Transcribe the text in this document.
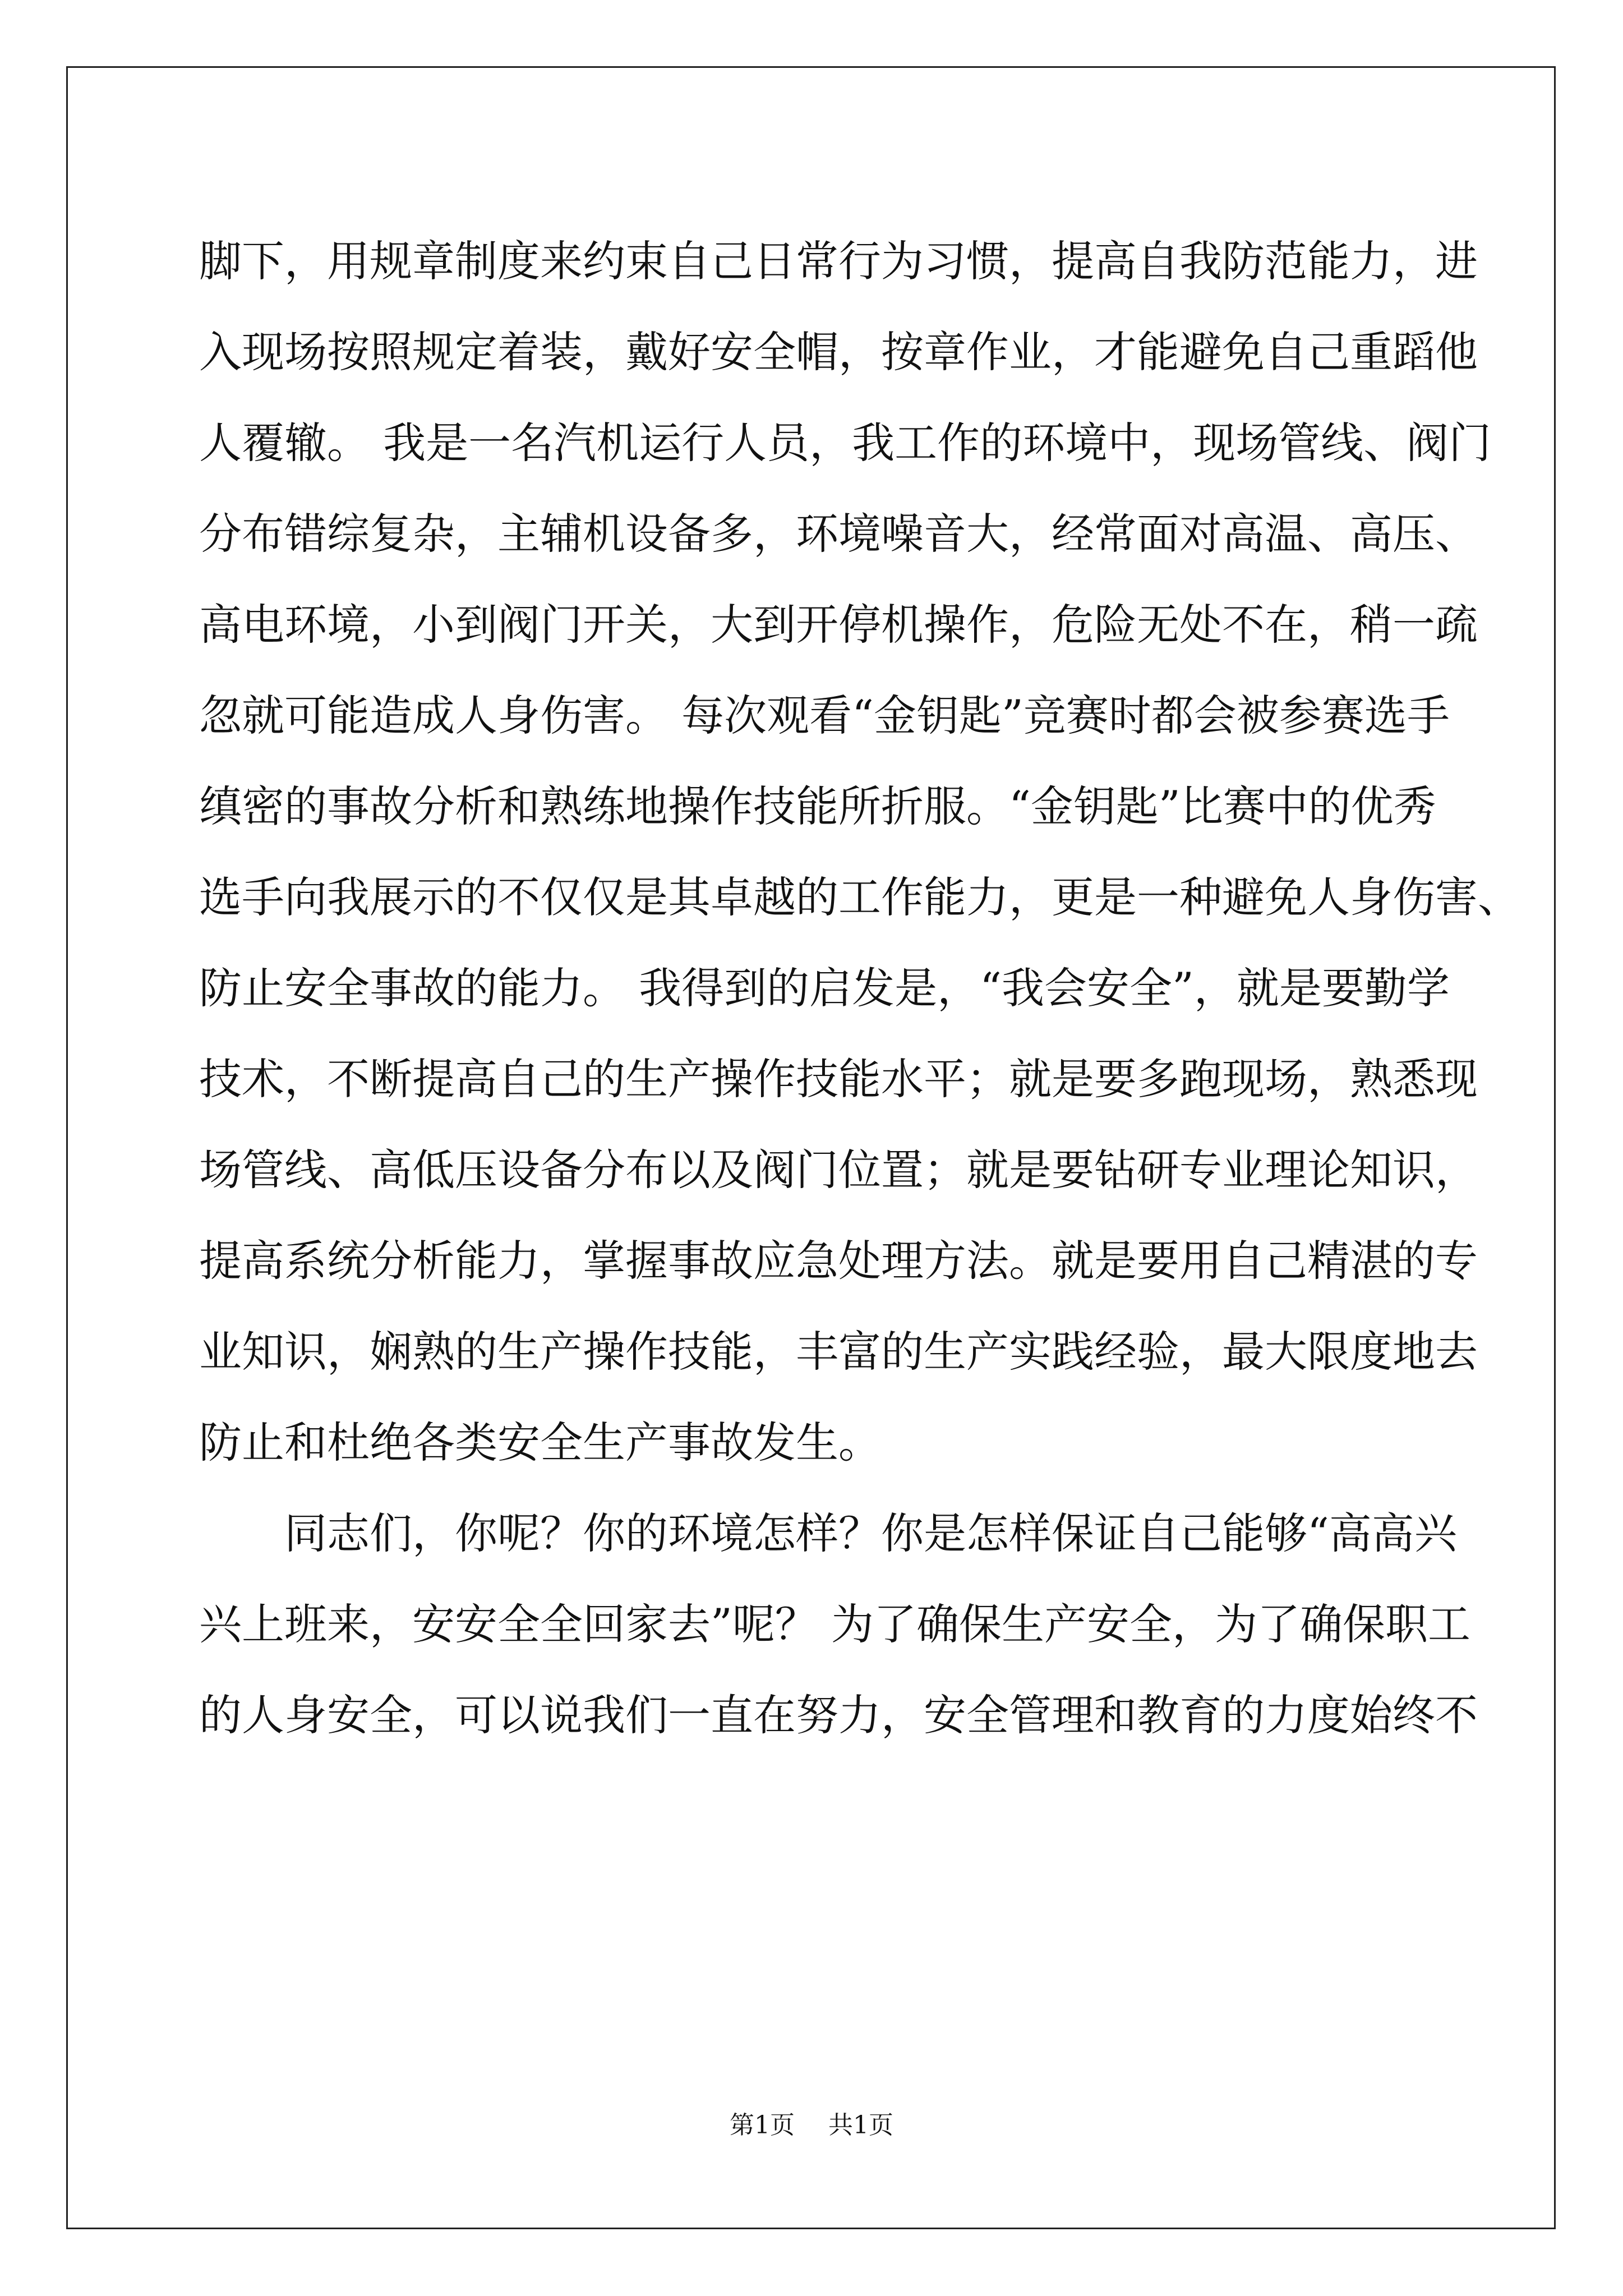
脚下，用规章制度来约束自己日常行为习惯，提高自我防范能力，进
入现场按照规定着装，戴好安全帽，按章作业，才能避免自己重蹈他
人覆辙。 我是一名汽机运行人员，我工作的环境中，现场管线、阀门
分布错综复杂，主辅机设备多，环境噪音大，经常面对高温、高压、
高电环境，小到阀门开关，大到开停机操作，危险无处不在，稍一疏
忽就可能造成人身伤害。 每次观看“金钥匙”竞赛时都会被参赛选手
缜密的事故分析和熟练地操作技能所折服。“金钥匙”比赛中的优秀
选手向我展示的不仅仅是其卓越的工作能力，更是一种避免人身伤害、
防止安全事故的能力。 我得到的启发是，“我会安全”，就是要勤学
技术，不断提高自己的生产操作技能水平；就是要多跑现场，熟悉现
场管线、高低压设备分布以及阀门位置；就是要钻研专业理论知识，
提高系统分析能力，掌握事故应急处理方法。就是要用自己精湛的专
业知识，娴熟的生产操作技能，丰富的生产实践经验，最大限度地去
防止和杜绝各类安全生产事故发生。
同志们，你呢？你的环境怎样？你是怎样保证自己能够“高高兴
兴上班来，安安全全回家去”呢？ 为了确保生产安全，为了确保职工
的人身安全，可以说我们一直在努力，安全管理和教育的力度始终不
第1页 共1页
